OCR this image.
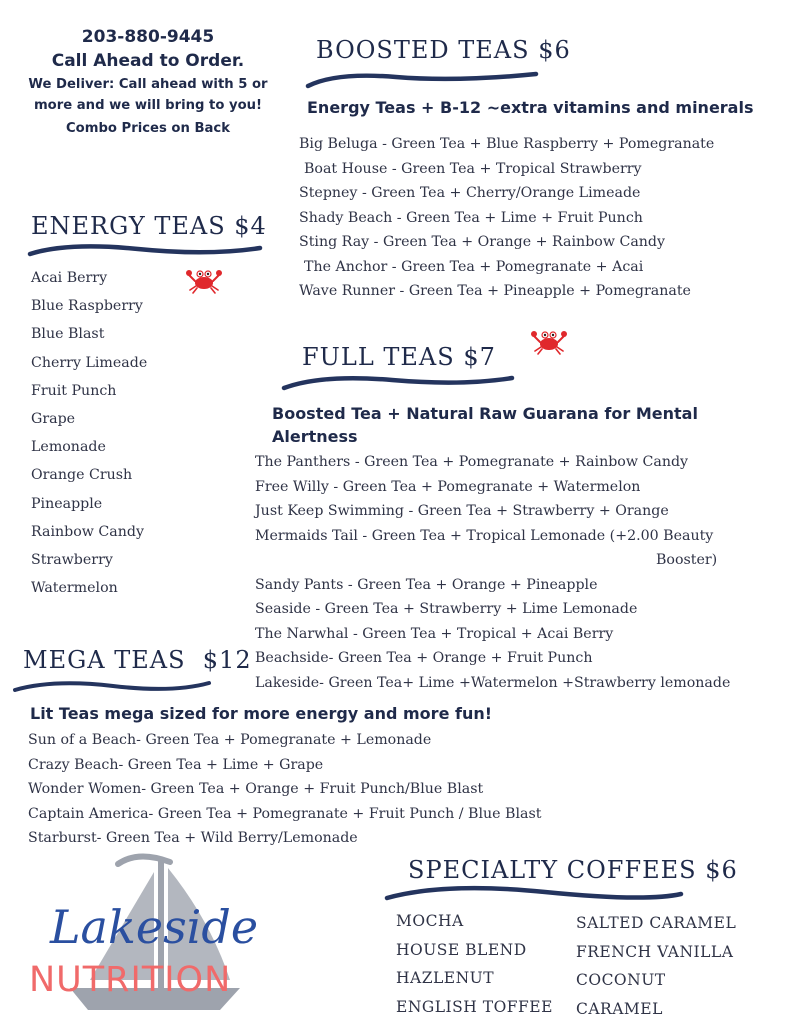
203-880-9445
Call Ahead to Order.
We Deliver: Call ahead with 5 or
more and we will bring to you!
Combo Prices on Back
BOOSTED TEAS $6
Energy Teas + B-12 ~extra vitamins and minerals
Big Beluga - Green Tea + Blue Raspberry + Pomegranate
Boat House - Green Tea + Tropical Strawberry
Stepney - Green Tea + Cherry/Orange Limeade
Shady Beach - Green Tea + Lime + Fruit Punch
Sting Ray - Green Tea + Orange + Rainbow Candy
The Anchor - Green Tea + Pomegranate + Acai
Wave Runner - Green Tea + Pineapple + Pomegranate
ENERGY TEAS $4
Acai Berry
Blue Raspberry
Blue Blast
Cherry Limeade
Fruit Punch
Grape
Lemonade
Orange Crush
Pineapple
Rainbow Candy
Strawberry
Watermelon
FULL TEAS $7
Boosted Tea + Natural Raw Guarana for Mental
Alertness
The Panthers - Green Tea + Pomegranate + Rainbow Candy
Free Willy - Green Tea + Pomegranate + Watermelon
Just Keep Swimming - Green Tea + Strawberry + Orange
Mermaids Tail - Green Tea + Tropical Lemonade (+2.00 Beauty
Booster)
Sandy Pants - Green Tea + Orange + Pineapple
Seaside - Green Tea + Strawberry + Lime Lemonade
The Narwhal - Green Tea + Tropical + Acai Berry
Beachside- Green Tea + Orange + Fruit Punch
Lakeside- Green Tea+ Lime +Watermelon +Strawberry lemonade
MEGA TEAS  $12
Lit Teas mega sized for more energy and more fun!
Sun of a Beach- Green Tea + Pomegranate + Lemonade
Crazy Beach- Green Tea + Lime + Grape
Wonder Women- Green Tea + Orange + Fruit Punch/Blue Blast
Captain America- Green Tea + Pomegranate + Fruit Punch / Blue Blast
Starburst- Green Tea + Wild Berry/Lemonade
SPECIALTY COFFEES $6
MOCHA
HOUSE BLEND
HAZLENUT
ENGLISH TOFFEE
SALTED CARAMEL
FRENCH VANILLA
COCONUT
CARAMEL
Lakeside
NUTRITION
